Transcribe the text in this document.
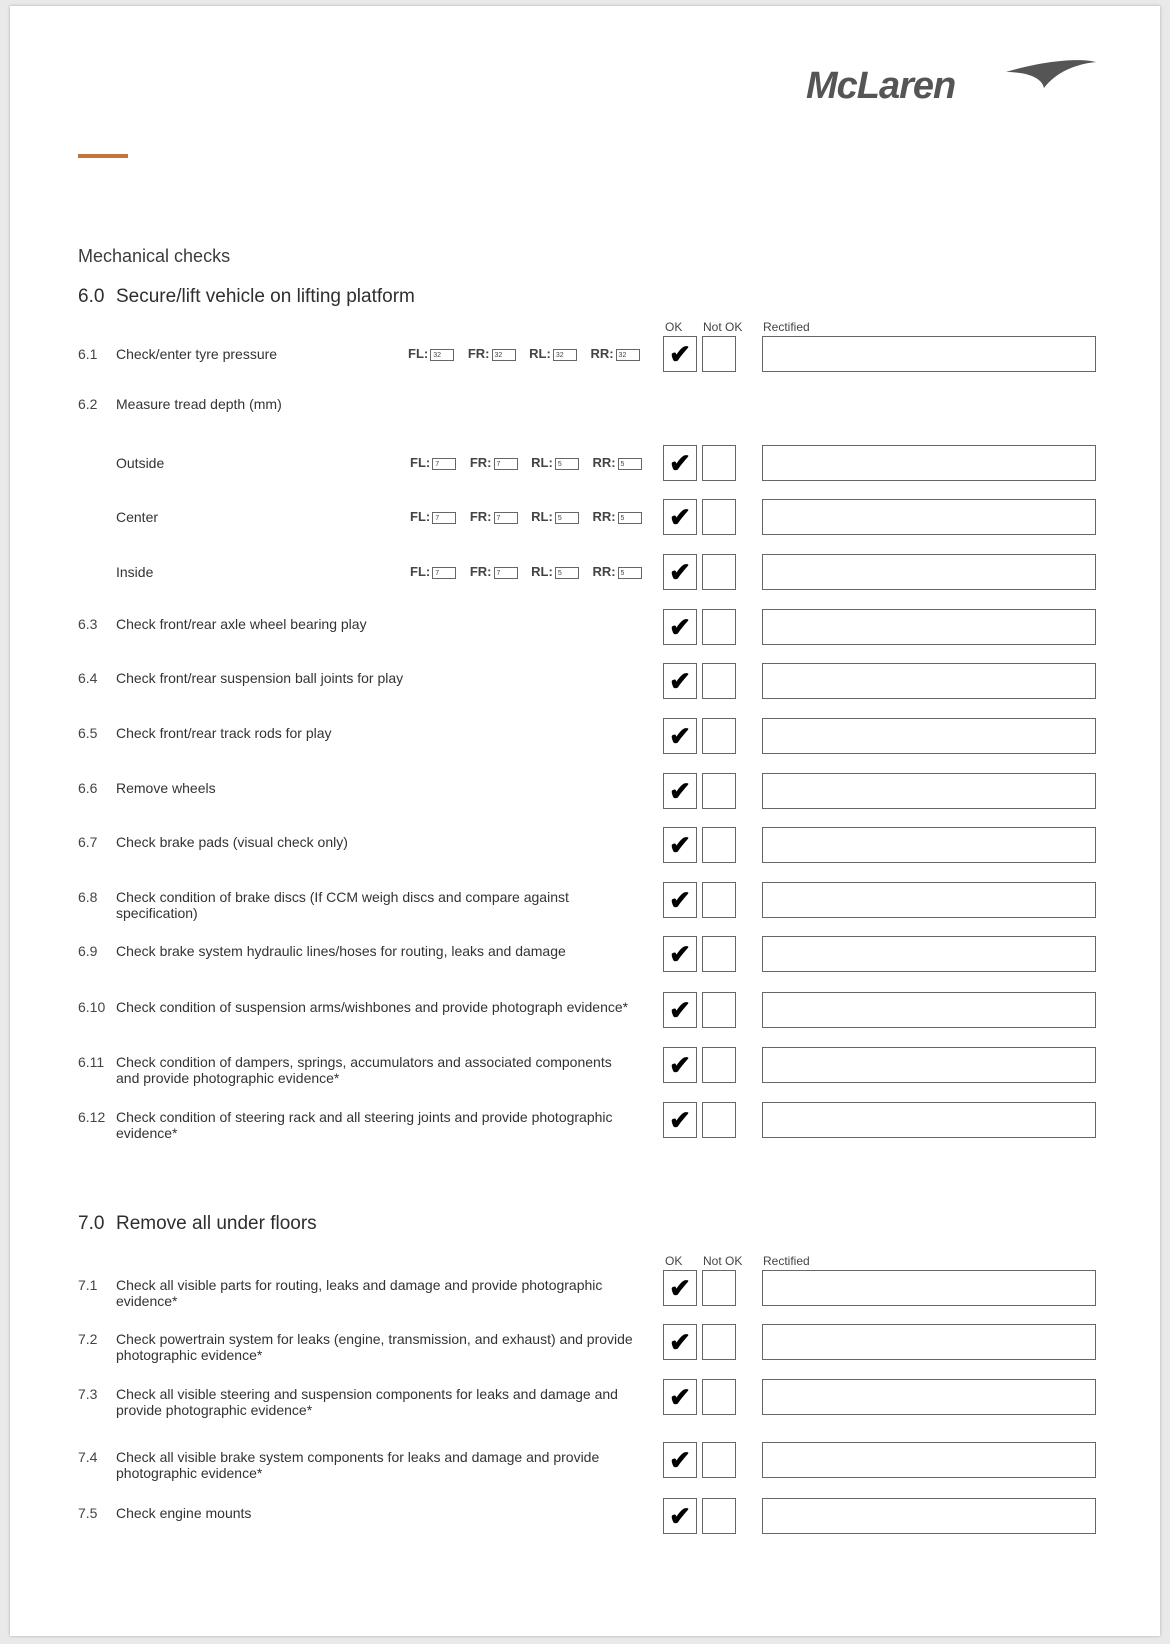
McLaren
Mechanical checks
6.0 Secure/lift vehicle on lifting platform
OK Not OK Rectified
6.1 Check/enter tyre pressure	FL: 32 FR: 32 RL: 32 RR: 32	✔
6.2 Measure tread depth (mm)
Outside	FL: 7 FR: 7 RL: 5 RR: 5	✔
Center	FL: 7 FR: 7 RL: 5 RR: 5	✔
Inside	FL: 7 FR: 7 RL: 5 RR: 5	✔
6.3 Check front/rear axle wheel bearing play	✔
6.4 Check front/rear suspension ball joints for play	✔
6.5 Check front/rear track rods for play	✔
6.6 Remove wheels	✔
6.7 Check brake pads (visual check only)	✔
6.8 Check condition of brake discs (If CCM weigh discs and compare against specification)	✔
6.9 Check brake system hydraulic lines/hoses for routing, leaks and damage	✔
6.10 Check condition of suspension arms/wishbones and provide photograph evidence*	✔
6.11 Check condition of dampers, springs, accumulators and associated components and provide photographic evidence*	✔
6.12 Check condition of steering rack and all steering joints and provide photographic evidence*	✔
7.0 Remove all under floors
OK Not OK Rectified
7.1 Check all visible parts for routing, leaks and damage and provide photographic evidence*	✔
7.2 Check powertrain system for leaks (engine, transmission, and exhaust) and provide photographic evidence*	✔
7.3 Check all visible steering and suspension components for leaks and damage and provide photographic evidence*	✔
7.4 Check all visible brake system components for leaks and damage and provide photographic evidence*	✔
7.5 Check engine mounts	✔
